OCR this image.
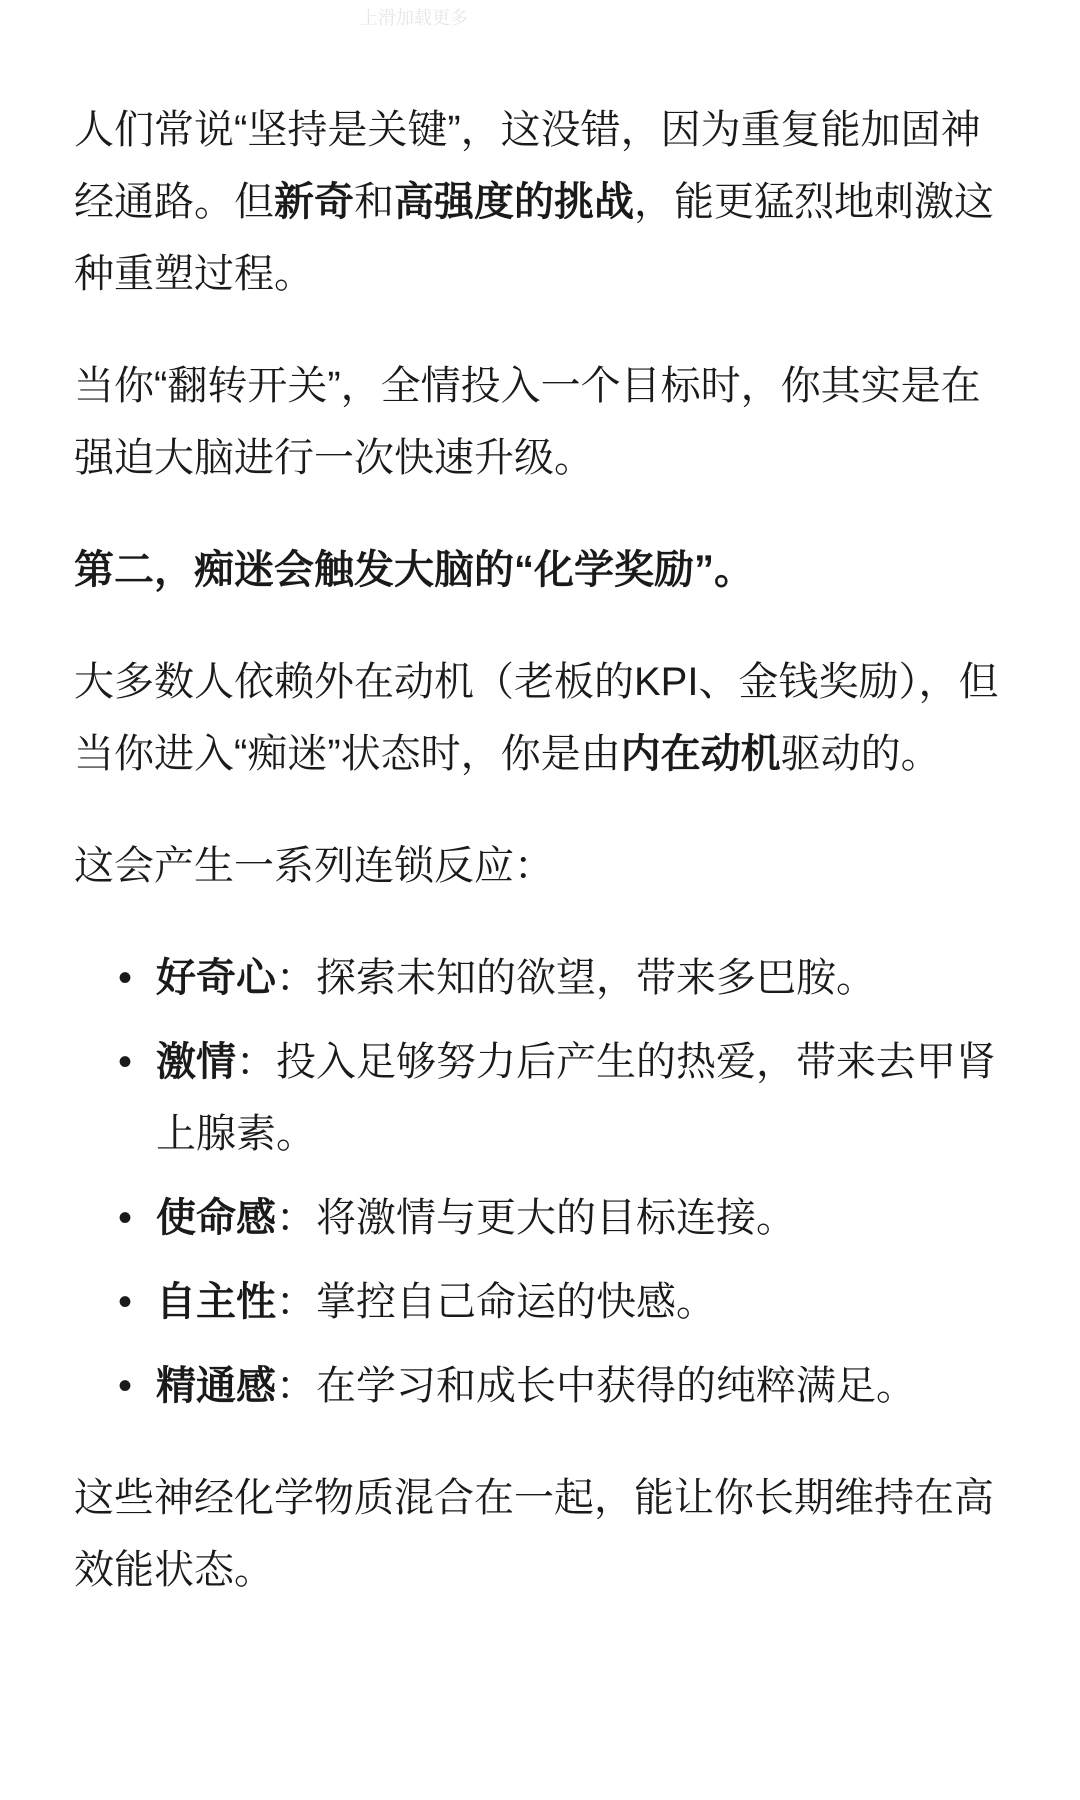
上滑加载更多

人们常说“坚持是关键”，这没错，因为重复能加固神经通路。但新奇和高强度的挑战，能更猛烈地刺激这种重塑过程。

当你“翻转开关”，全情投入一个目标时，你其实是在强迫大脑进行一次快速升级。

第二，痴迷会触发大脑的“化学奖励”。

大多数人依赖外在动机（老板的KPI、金钱奖励），但当你进入“痴迷”状态时，你是由内在动机驱动的。

这会产生一系列连锁反应：

• 好奇心：探索未知的欲望，带来多巴胺。
• 激情：投入足够努力后产生的热爱，带来去甲肾上腺素。
• 使命感：将激情与更大的目标连接。
• 自主性：掌控自己命运的快感。
• 精通感：在学习和成长中获得的纯粹满足。

这些神经化学物质混合在一起，能让你长期维持在高效能状态。
